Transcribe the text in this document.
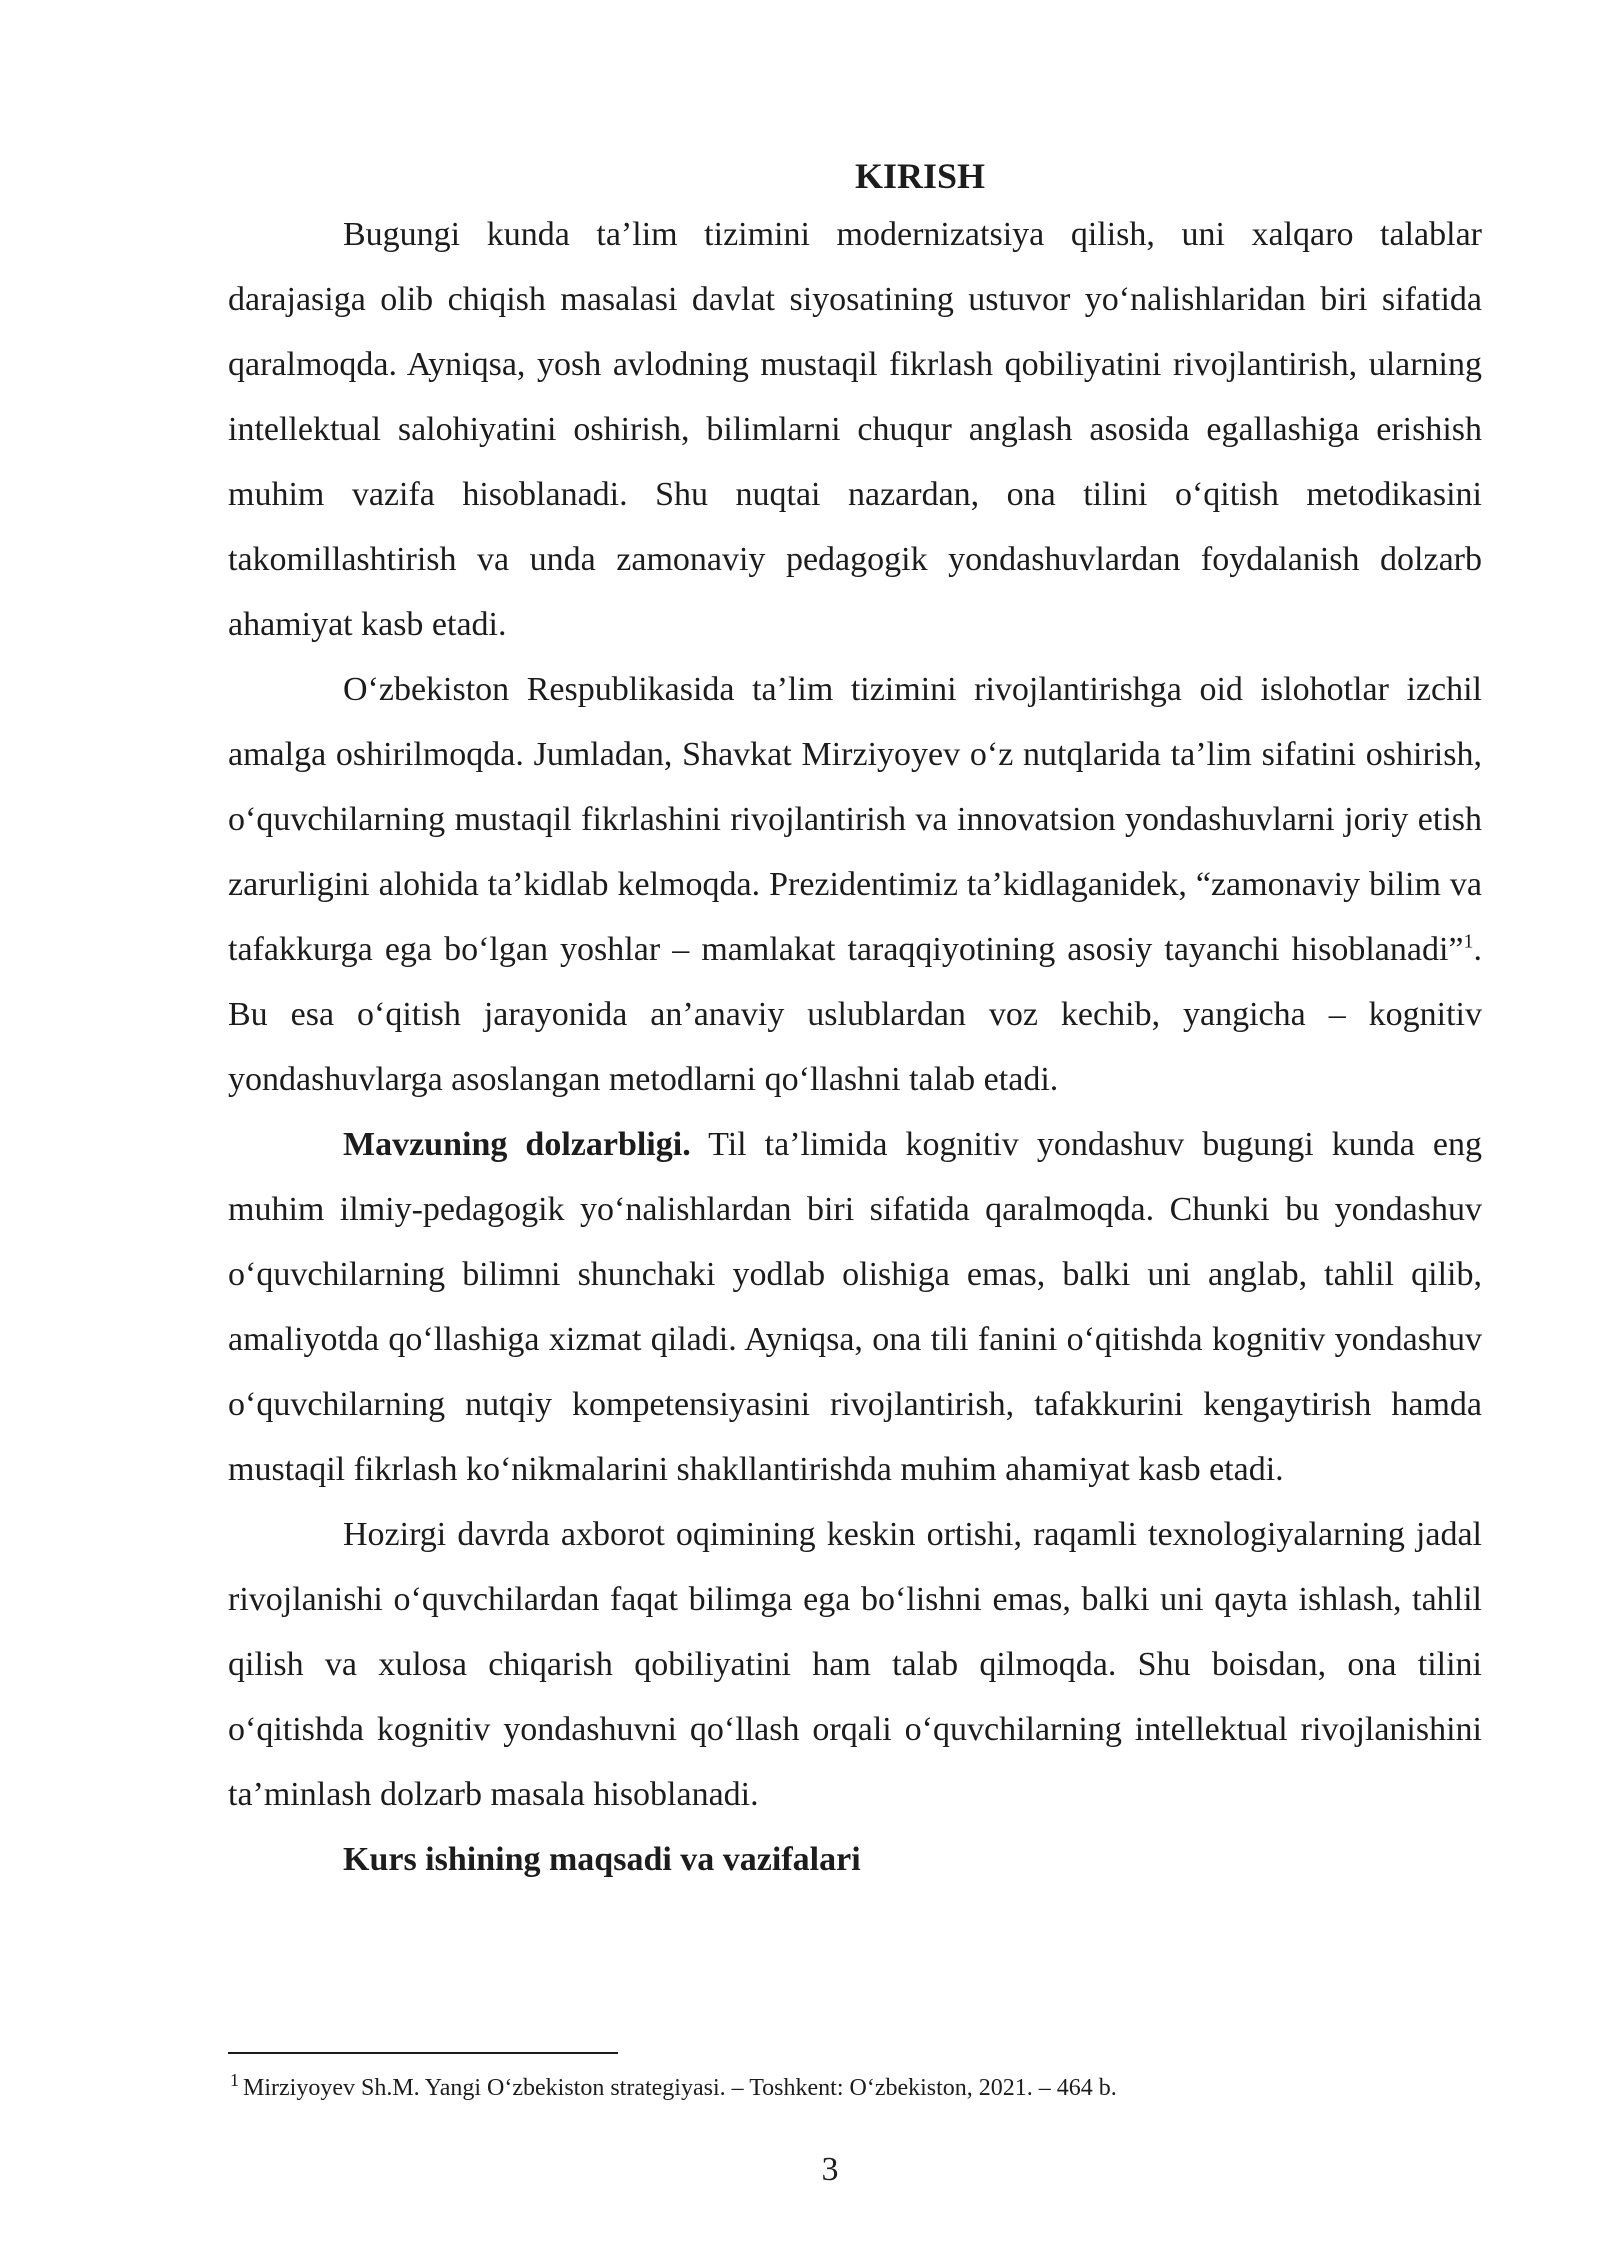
KIRISH

Bugungi kunda ta’lim tizimini modernizatsiya qilish, uni xalqaro talablar darajasiga olib chiqish masalasi davlat siyosatining ustuvor yo‘nalishlaridan biri sifatida qaralmoqda. Ayniqsa, yosh avlodning mustaqil fikrlash qobiliyatini rivojlantirish, ularning intellektual salohiyatini oshirish, bilimlarni chuqur anglash asosida egallashiga erishish muhim vazifa hisoblanadi. Shu nuqtai nazardan, ona tilini o‘qitish metodikasini takomillashtirish va unda zamonaviy pedagogik yondashuvlardan foydalanish dolzarb ahamiyat kasb etadi.

O‘zbekiston Respublikasida ta’lim tizimini rivojlantirishga oid islohotlar izchil amalga oshirilmoqda. Jumladan, Shavkat Mirziyoyev o‘z nutqlarida ta’lim sifatini oshirish, o‘quvchilarning mustaqil fikrlashini rivojlantirish va innovatsion yondashuvlarni joriy etish zarurligini alohida ta’kidlab kelmoqda. Prezidentimiz ta’kidlaganidek, “zamonaviy bilim va tafakkurga ega bo‘lgan yoshlar – mamlakat taraqqiyotining asosiy tayanchi hisoblanadi”$^1$. Bu esa o‘qitish jarayonida an’anaviy uslublardan voz kechib, yangicha – kognitiv yondashuvlarga asoslangan metodlarni qo‘llashni talab etadi.

Mavzuning dolzarbligi. Til ta’limida kognitiv yondashuv bugungi kunda eng muhim ilmiy-pedagogik yo‘nalishlardan biri sifatida qaralmoqda. Chunki bu yondashuv o‘quvchilarning bilimni shunchaki yodlab olishiga emas, balki uni anglab, tahlil qilib, amaliyotda qo‘llashiga xizmat qiladi. Ayniqsa, ona tili fanini o‘qitishda kognitiv yondashuv o‘quvchilarning nutqiy kompetensiyasini rivojlantirish, tafakkurini kengaytirish hamda mustaqil fikrlash ko‘nikmalarini shakllantirishda muhim ahamiyat kasb etadi.

Hozirgi davrda axborot oqimining keskin ortishi, raqamli texnologiyalarning jadal rivojlanishi o‘quvchilardan faqat bilimga ega bo‘lishni emas, balki uni qayta ishlash, tahlil qilish va xulosa chiqarish qobiliyatini ham talab qilmoqda. Shu boisdan, ona tilini o‘qitishda kognitiv yondashuvni qo‘llash orqali o‘quvchilarning intellektual rivojlanishini ta’minlash dolzarb masala hisoblanadi.

Kurs ishining maqsadi va vazifalari

$^1$ Mirziyoyev Sh.M. Yangi O‘zbekiston strategiyasi. – Toshkent: O‘zbekiston, 2021. – 464 b.
3
